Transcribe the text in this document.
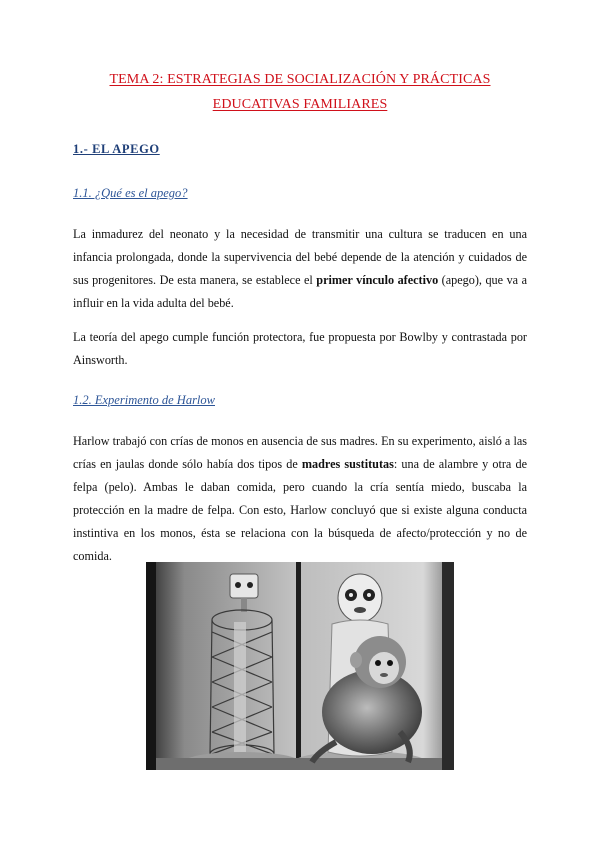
TEMA 2: ESTRATEGIAS DE SOCIALIZACIÓN Y PRÁCTICAS
EDUCATIVAS FAMILIARES
1.- EL APEGO
1.1. ¿Qué es el apego?
La inmadurez del neonato y la necesidad de transmitir una cultura se traducen en una infancia prolongada, donde la supervivencia del bebé depende de la atención y cuidados de sus progenitores. De esta manera, se establece el primer vínculo afectivo (apego), que va a influir en la vida adulta del bebé.
La teoría del apego cumple función protectora, fue propuesta por Bowlby y contrastada por Ainsworth.
1.2. Experimento de Harlow
Harlow trabajó con crías de monos en ausencia de sus madres. En su experimento, aisló a las crías en jaulas donde sólo había dos tipos de madres sustitutas: una de alambre y otra de felpa (pelo). Ambas le daban comida, pero cuando la cría sentía miedo, buscaba la protección en la madre de felpa. Con esto, Harlow concluyó que si existe alguna conducta instintiva en los monos, ésta se relaciona con la búsqueda de afecto/protección y no de comida.
